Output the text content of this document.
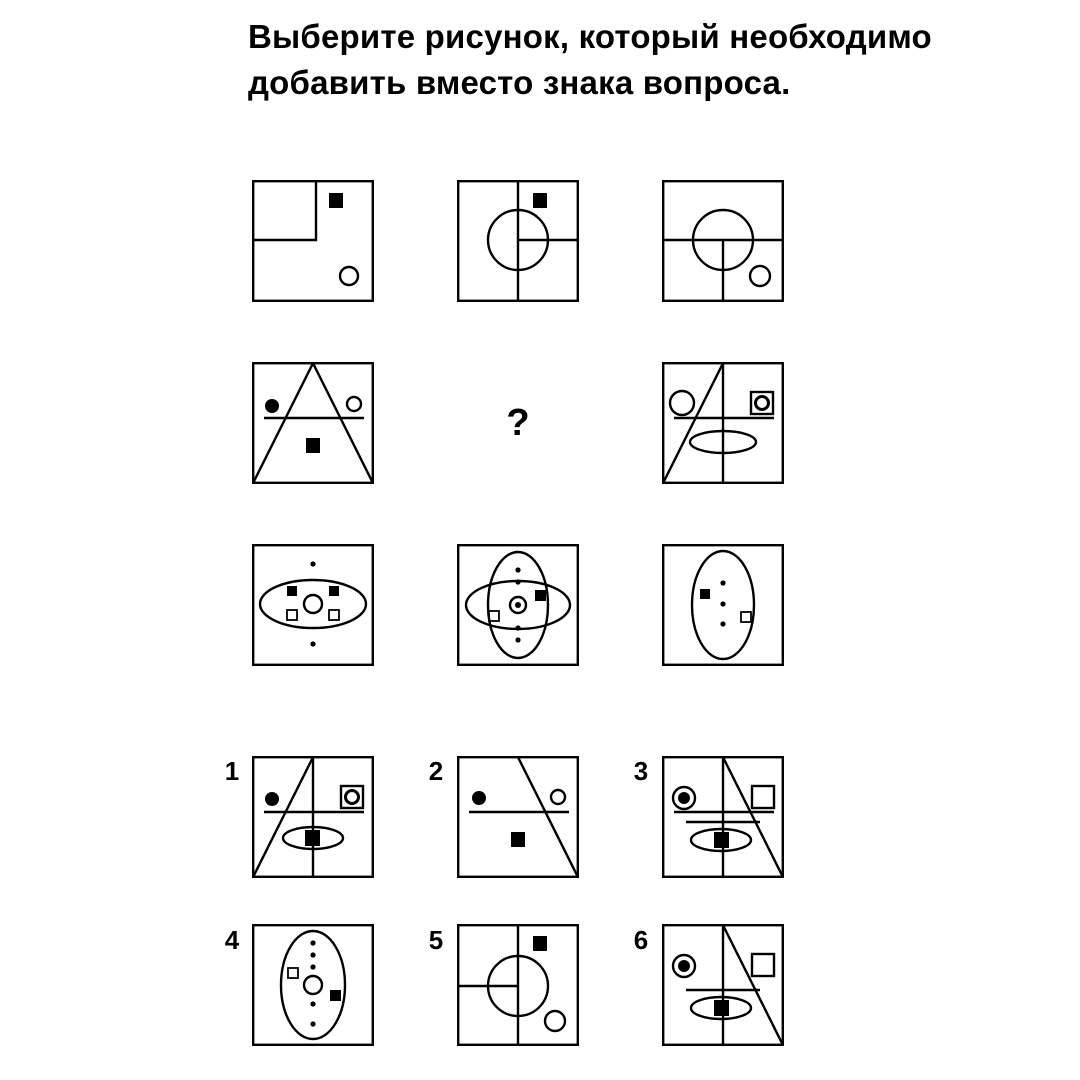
Выберите рисунок, который необходимо добавить вместо знака вопроса.
?
1	2	3
4	5	6
